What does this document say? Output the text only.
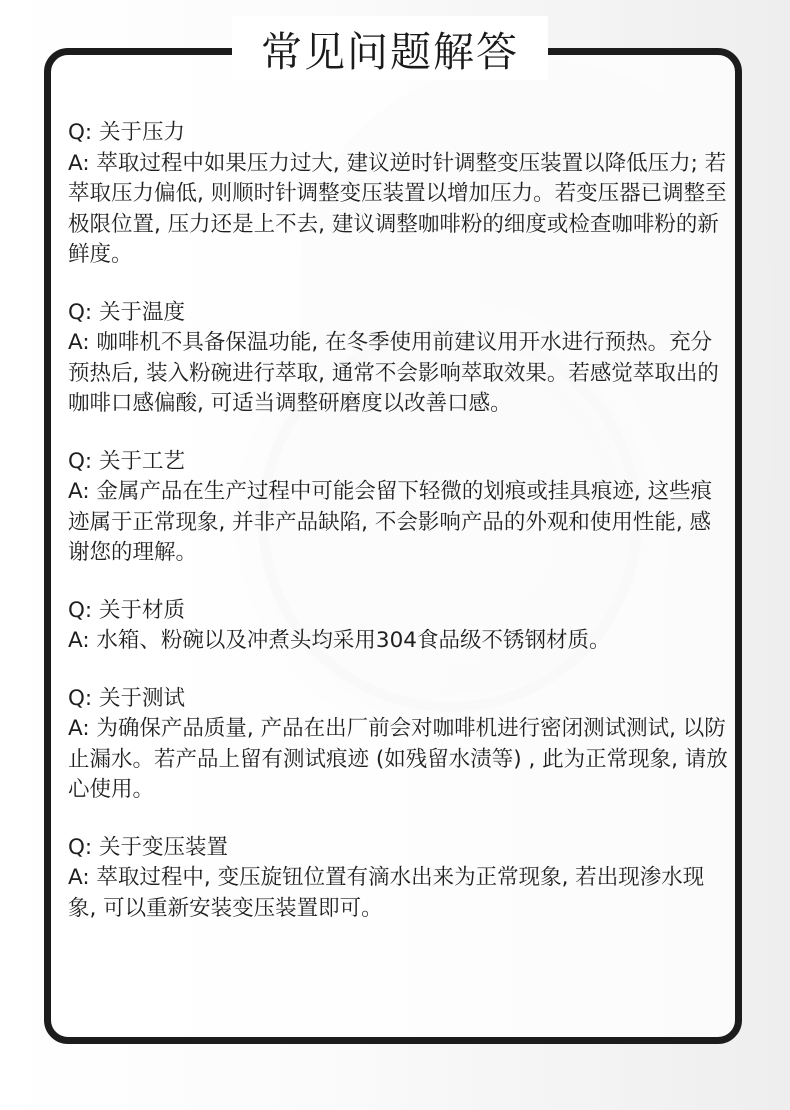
常见问题解答
Q: 关于压力
A: 萃取过程中如果压力过大, 建议逆时针调整变压装置以降低压力; 若萃取压力偏低, 则顺时针调整变压装置以增加压力。若变压器已调整至极限位置, 压力还是上不去, 建议调整咖啡粉的细度或检查咖啡粉的新鲜度。
Q: 关于温度
A: 咖啡机不具备保温功能, 在冬季使用前建议用开水进行预热。充分预热后, 装入粉碗进行萃取, 通常不会影响萃取效果。若感觉萃取出的咖啡口感偏酸, 可适当调整研磨度以改善口感。
Q: 关于工艺
A: 金属产品在生产过程中可能会留下轻微的划痕或挂具痕迹, 这些痕迹属于正常现象, 并非产品缺陷, 不会影响产品的外观和使用性能, 感谢您的理解。
Q: 关于材质
A: 水箱、粉碗以及冲煮头均采用304食品级不锈钢材质。
Q: 关于测试
A: 为确保产品质量, 产品在出厂前会对咖啡机进行密闭测试测试, 以防止漏水。若产品上留有测试痕迹 (如残留水渍等) , 此为正常现象, 请放心使用。
Q: 关于变压装置
A: 萃取过程中, 变压旋钮位置有滴水出来为正常现象, 若出现渗水现象, 可以重新安装变压装置即可。
